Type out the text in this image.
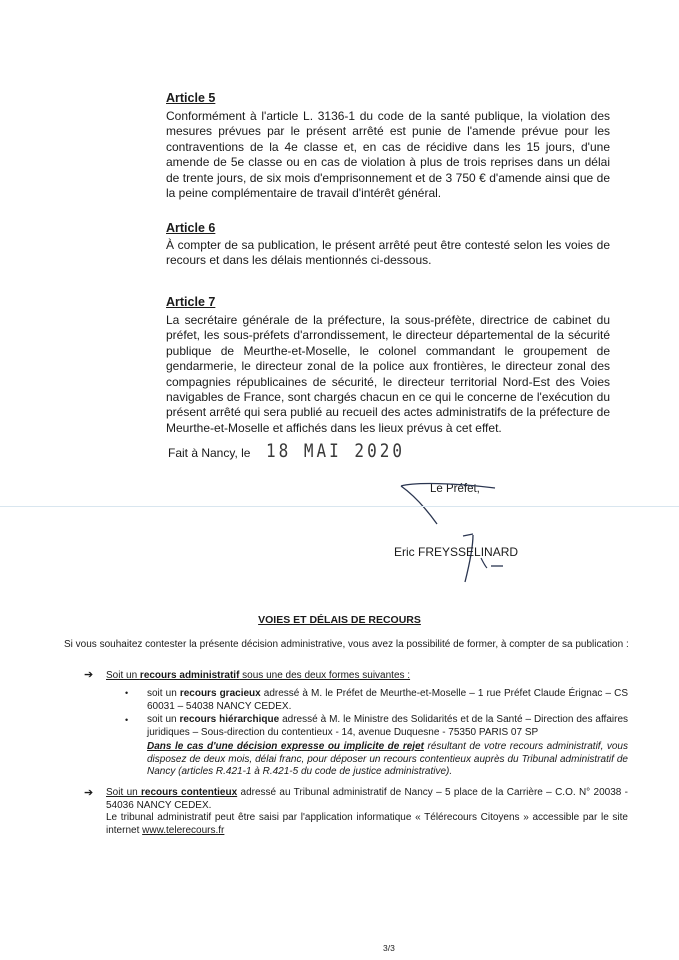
Article 5
Conformément à l'article L. 3136-1 du code de la santé publique, la violation des mesures prévues par le présent arrêté est punie de l'amende prévue pour les contraventions de la 4e classe et, en cas de récidive dans les 15 jours, d'une amende de 5e classe ou en cas de violation à plus de trois reprises dans un délai de trente jours, de six mois d'emprisonnement et de 3 750 € d'amende ainsi que de la peine complémentaire de travail d'intérêt général.
Article 6
À compter de sa publication, le présent arrêté peut être contesté selon les voies de recours et dans les délais mentionnés ci-dessous.
Article 7
La secrétaire générale de la préfecture, la sous-préfète, directrice de cabinet du préfet, les sous-préfets d'arrondissement, le directeur départemental de la sécurité publique de Meurthe-et-Moselle, le colonel commandant le groupement de gendarmerie, le directeur zonal de la police aux frontières, le directeur zonal des compagnies républicaines de sécurité, le directeur territorial Nord-Est des Voies navigables de France, sont chargés chacun en ce qui le concerne de l'exécution du présent arrêté qui sera publié au recueil des actes administratifs de la préfecture de Meurthe-et-Moselle et affichés dans les lieux prévus à cet effet.
Fait à Nancy, le 18 MAI 2020
Le Préfet,
Eric FREYSSELINARD
VOIES ET DÉLAIS DE RECOURS
Si vous souhaitez contester la présente décision administrative, vous avez la possibilité de former, à compter de sa publication :
➔ Soit un recours administratif sous une des deux formes suivantes :
• soit un recours gracieux adressé à M. le Préfet de Meurthe-et-Moselle – 1 rue Préfet Claude Érignac – CS 60031 – 54038 NANCY CEDEX.
• soit un recours hiérarchique adressé à M. le Ministre des Solidarités et de la Santé – Direction des affaires juridiques – Sous-direction du contentieux - 14, avenue Duquesne - 75350 PARIS 07 SP
Dans le cas d'une décision expresse ou implicite de rejet résultant de votre recours administratif, vous disposez de deux mois, délai franc, pour déposer un recours contentieux auprès du Tribunal administratif de Nancy (articles R.421-1 à R.421-5 du code de justice administrative).
➔ Soit un recours contentieux adressé au Tribunal administratif de Nancy – 5 place de la Carrière – C.O. N° 20038 - 54036 NANCY CEDEX.
Le tribunal administratif peut être saisi par l'application informatique « Télérecours Citoyens » accessible par le site internet www.telerecours.fr
3/3
